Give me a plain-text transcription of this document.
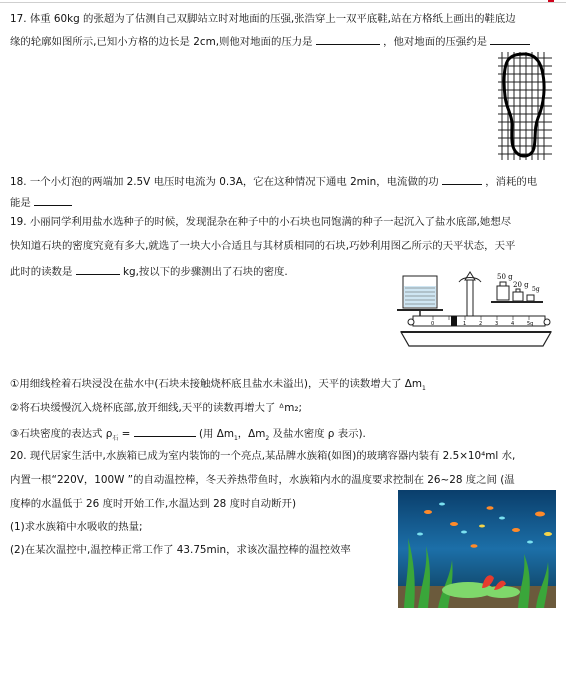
17. 体重 60kg 的张超为了估测自己双脚站立时对地面的压强,张浩穿上一双平底鞋,站在方格纸上画出的鞋底边
缘的轮廓如图所示,已知小方格的边长是 2cm,则他对地面的压力是	，他对地面的压强约是
18. 一个小灯泡的两端加 2.5V 电压时电流为 0.3A，它在这种情况下通电 2min，电流做的功	，消耗的电
能是
19. 小丽同学利用盐水选种子的时候，发现混杂在种子中的小石块也同饱满的种子一起沉入了盐水底部,她想尽
快知道石块的密度究竟有多大,就选了一块大小合适且与其材质相同的石块,巧妙利用图乙所示的天平状态，天平
此时的读数是	kg,按以下的步骤测出了石块的密度.	50 g
20 g
5g
0	1	2	3	4	5g
①用细线栓着石块浸没在盐水中(石块未接触烧杯底且盐水未溢出)，天平的读数增大了 $\Delta m_1$
②将石块缓慢沉入烧杯底部,放开细线,天平的读数再增大了 ᐞm₂;
③石块密度的表达式 $\rho_石$ =	(用 $\Delta m_1$，$\Delta m_2$ 及盐水密度 ρ 表示).
20. 现代居家生活中,水族箱已成为室内装饰的一个亮点,某品牌水族箱(如图)的玻璃容器内装有 2.5×10⁴ml 水,
内置一根“220V，100W ”的自动温控棒，冬天养热带鱼时，水族箱内水的温度要求控制在 26~28 度之间 (温
度棒的水温低于 26 度时开始工作,水温达到 28 度时自动断开)
(1)求水族箱中水吸收的热量;
(2)在某次温控中,温控棒正常工作了 43.75min，求该次温控棒的温控效率
